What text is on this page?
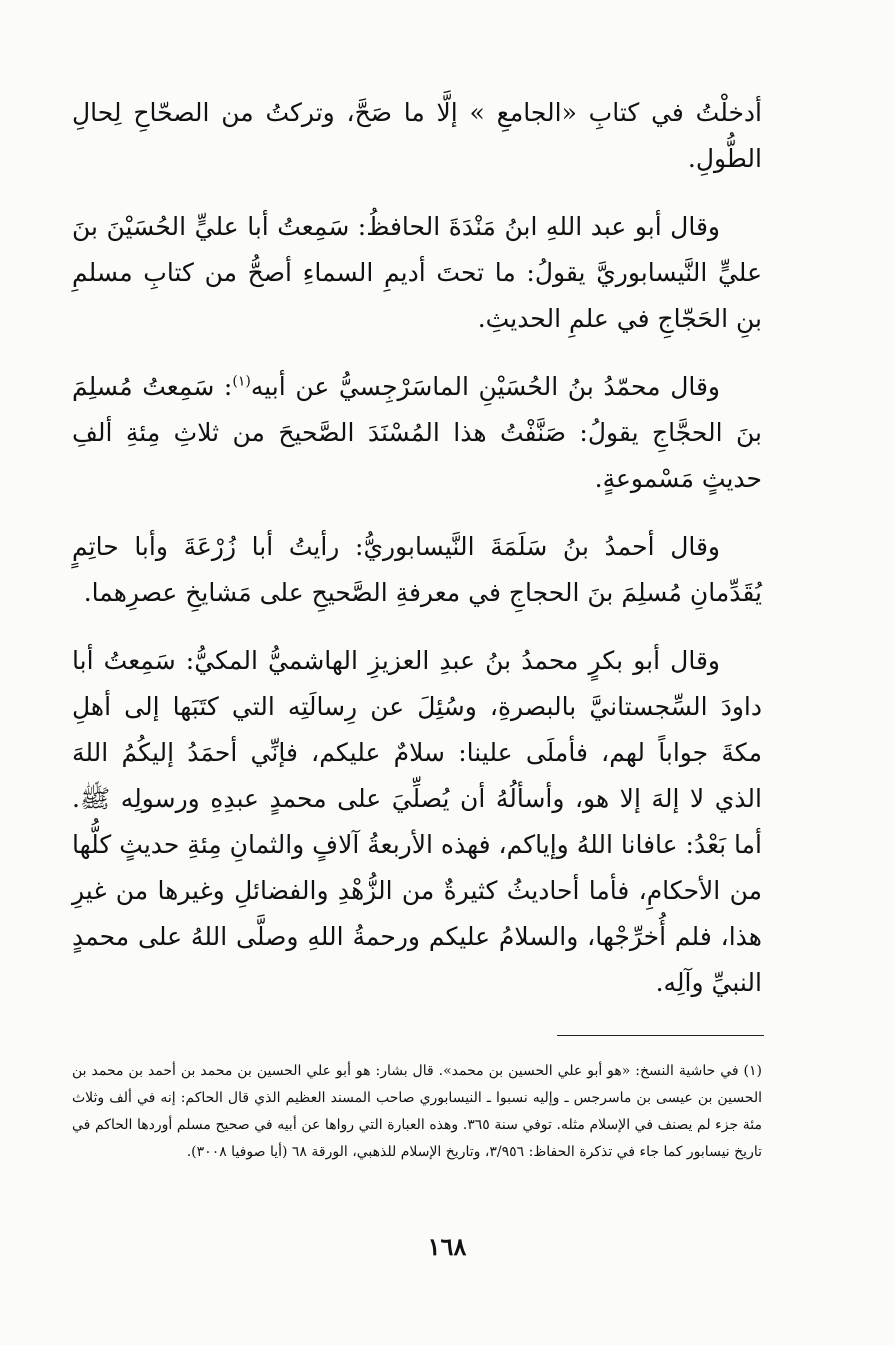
أدخلْتُ في كتابِ «الجامعِ » إلَّا ما صَحَّ، وتركتُ من الصحّاحِ لِحالِ الطُّولِ.

وقال أبو عبد اللهِ ابنُ مَنْدَةَ الحافظُ: سَمِعتُ أبا عليٍّ الحُسَيْنَ بنَ عليٍّ النَّيسابوريَّ يقولُ: ما تحتَ أديمِ السماءِ أصحُّ من كتابِ مسلمِ بنِ الحَجّاجِ في علمِ الحديثِ.

وقال محمّدُ بنُ الحُسَيْنِ الماسَرْجِسيُّ عن أبيه$^{(١)}$: سَمِعتُ مُسلِمَ بنَ الحجَّاجِ يقولُ: صَنَّفْتُ هذا المُسْنَدَ الصَّحيحَ من ثلاثِ مِئةِ ألفِ حديثٍ مَسْموعةٍ.

وقال أحمدُ بنُ سَلَمَةَ النَّيسابوريُّ: رأيتُ أبا زُرْعَةَ وأبا حاتِمٍ يُقَدِّمانِ مُسلِمَ بنَ الحجاجِ في معرفةِ الصَّحيحِ على مَشايخِ عصرِهما.

وقال أبو بكرٍ محمدُ بنُ عبدِ العزيزِ الهاشميُّ المكيُّ: سَمِعتُ أبا داودَ السِّجستانيَّ بالبصرةِ، وسُئِلَ عن رِسالَتِه التي كتَبَها إلى أهلِ مكةَ جواباً لهم، فأملَى علينا: سلامٌ عليكم، فإنِّي أحمَدُ إليكُمُ اللهَ الذي لا إلهَ إلا هو، وأسألُهُ أن يُصلِّيَ على محمدٍ عبدِهِ ورسولِه ﷺ. أما بَعْدُ: عافانا اللهُ وإياكم، فهذه الأربعةُ آلافٍ والثمانِ مِئةِ حديثٍ كلُّها من الأحكامِ، فأما أحاديثُ كثيرةٌ من الزُّهْدِ والفضائلِ وغيرها من غيرِ هذا، فلم أُخرِّجْها، والسلامُ عليكم ورحمةُ اللهِ وصلَّى اللهُ على محمدٍ النبيِّ وآلِه.

(١) في حاشية النسخ: «هو أبو علي الحسين بن محمد». قال بشار: هو أبو علي الحسين بن محمد بن أحمد بن محمد بن الحسين بن عيسى بن ماسرجس ـ وإليه نسبوا ـ النيسابوري صاحب المسند العظيم الذي قال الحاكم: إنه في ألف وثلاث مئة جزء لم يصنف في الإسلام مثله. توفي سنة ٣٦٥. وهذه العبارة التي رواها عن أبيه في صحيح مسلم أوردها الحاكم في تاريخ نيسابور كما جاء في تذكرة الحفاظ: ٣/٩٥٦، وتاريخ الإسلام للذهبي، الورقة ٦٨ (أيا صوفيا ٣٠٠٨).
١٦٨
